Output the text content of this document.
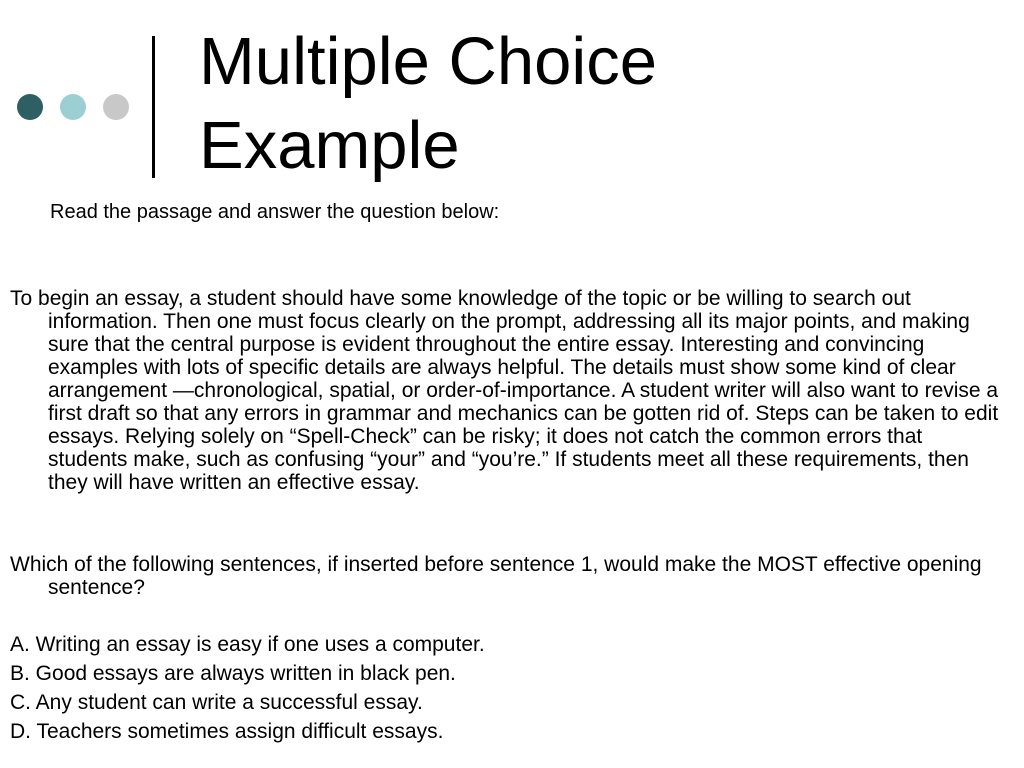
Multiple Choice
Example

Read the passage and answer the question below:

To begin an essay, a student should have some knowledge of the topic or be willing to search out information. Then one must focus clearly on the prompt, addressing all its major points, and making sure that the central purpose is evident throughout the entire essay. Interesting and convincing examples with lots of specific details are always helpful. The details must show some kind of clear arrangement —chronological, spatial, or order-of-importance. A student writer will also want to revise a first draft so that any errors in grammar and mechanics can be gotten rid of. Steps can be taken to edit essays. Relying solely on “Spell-Check” can be risky; it does not catch the common errors that students make, such as confusing “your” and “you’re.” If students meet all these requirements, then they will have written an effective essay.

Which of the following sentences, if inserted before sentence 1, would make the MOST effective opening sentence?

A. Writing an essay is easy if one uses a computer.
B. Good essays are always written in black pen.
C. Any student can write a successful essay.
D. Teachers sometimes assign difficult essays.
